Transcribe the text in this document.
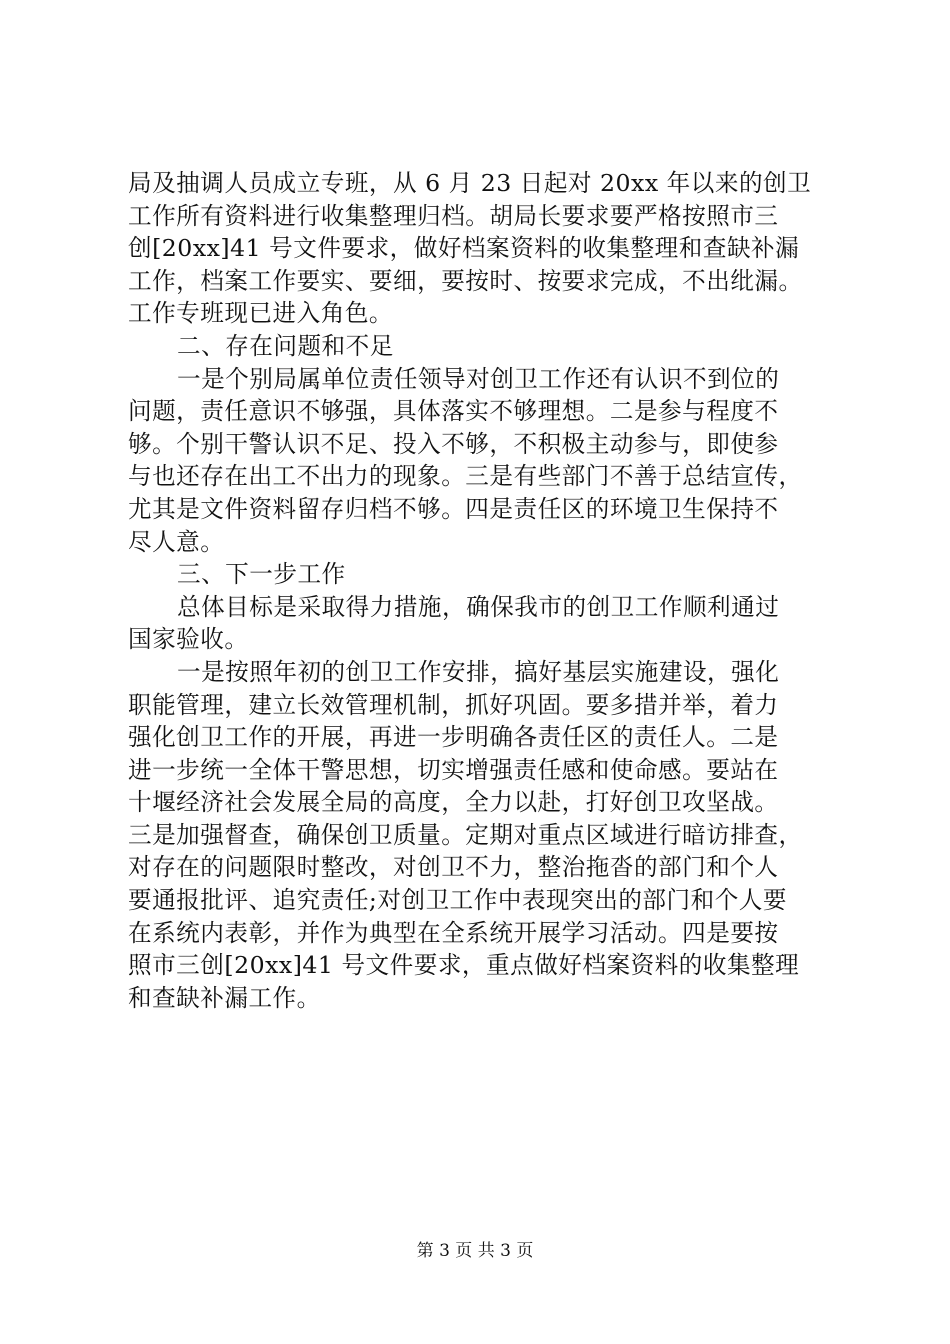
局及抽调人员成立专班，从 6 月 23 日起对 20xx 年以来的创卫

工作所有资料进行收集整理归档。胡局长要求要严格按照市三

创[20xx]41 号文件要求，做好档案资料的收集整理和查缺补漏

工作，档案工作要实、要细，要按时、按要求完成，不出纰漏。

工作专班现已进入角色。

二、存在问题和不足

一是个别局属单位责任领导对创卫工作还有认识不到位的

问题，责任意识不够强，具体落实不够理想。二是参与程度不

够。个别干警认识不足、投入不够，不积极主动参与，即使参

与也还存在出工不出力的现象。三是有些部门不善于总结宣传，

尤其是文件资料留存归档不够。四是责任区的环境卫生保持不

尽人意。

三、下一步工作

总体目标是采取得力措施，确保我市的创卫工作顺利通过

国家验收。

一是按照年初的创卫工作安排，搞好基层实施建设，强化

职能管理，建立长效管理机制，抓好巩固。要多措并举，着力

强化创卫工作的开展，再进一步明确各责任区的责任人。二是

进一步统一全体干警思想，切实增强责任感和使命感。要站在

十堰经济社会发展全局的高度，全力以赴，打好创卫攻坚战。

三是加强督查，确保创卫质量。定期对重点区域进行暗访排查，

对存在的问题限时整改，对创卫不力，整治拖沓的部门和个人

要通报批评、追究责任;对创卫工作中表现突出的部门和个人要

在系统内表彰，并作为典型在全系统开展学习活动。四是要按

照市三创[20xx]41 号文件要求，重点做好档案资料的收集整理

和查缺补漏工作。

第 3 页 共 3 页
